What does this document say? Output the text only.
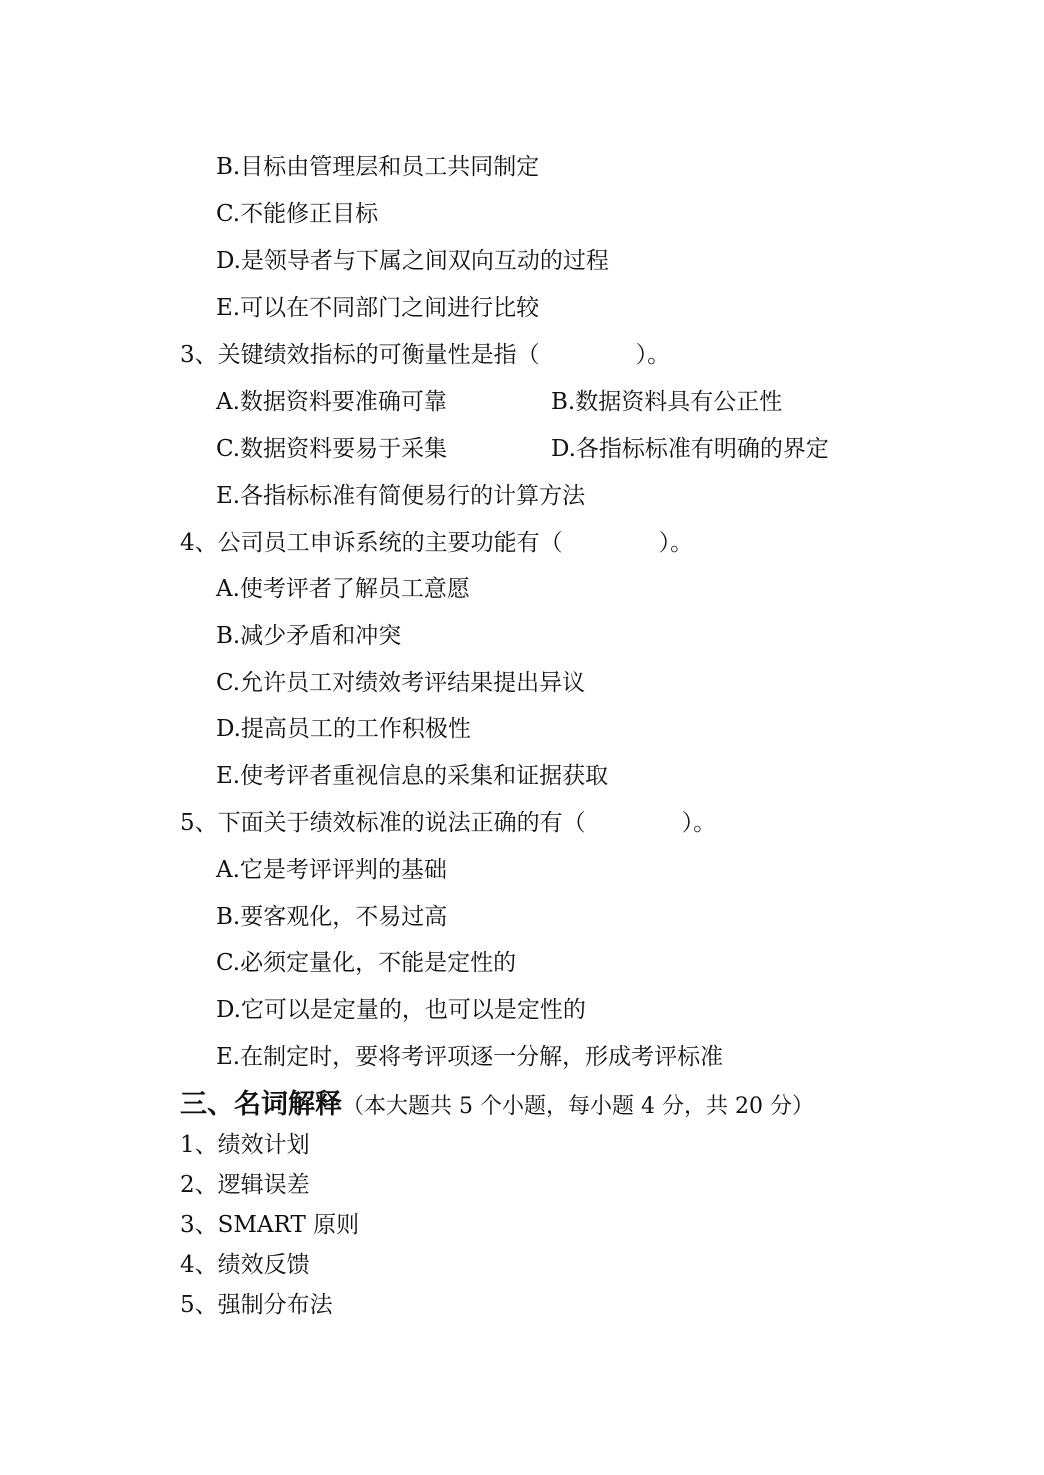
B.目标由管理层和员工共同制定
C.不能修正目标
D.是领导者与下属之间双向互动的过程
E.可以在不同部门之间进行比较
3、关键绩效指标的可衡量性是指（	）。
A.数据资料要准确可靠	B.数据资料具有公正性
C.数据资料要易于采集	D.各指标标准有明确的界定
E.各指标标准有简便易行的计算方法
4、公司员工申诉系统的主要功能有（	）。
A.使考评者了解员工意愿
B.减少矛盾和冲突
C.允许员工对绩效考评结果提出异议
D.提高员工的工作积极性
E.使考评者重视信息的采集和证据获取
5、下面关于绩效标准的说法正确的有（	）。
A.它是考评评判的基础
B.要客观化，不易过高
C.必须定量化，不能是定性的
D.它可以是定量的，也可以是定性的
E.在制定时，要将考评项逐一分解，形成考评标准
三、名词解释（本大题共 5 个小题，每小题 4 分，共 20 分）
1、绩效计划
2、逻辑误差
3、SMART 原则
4、绩效反馈
5、强制分布法
